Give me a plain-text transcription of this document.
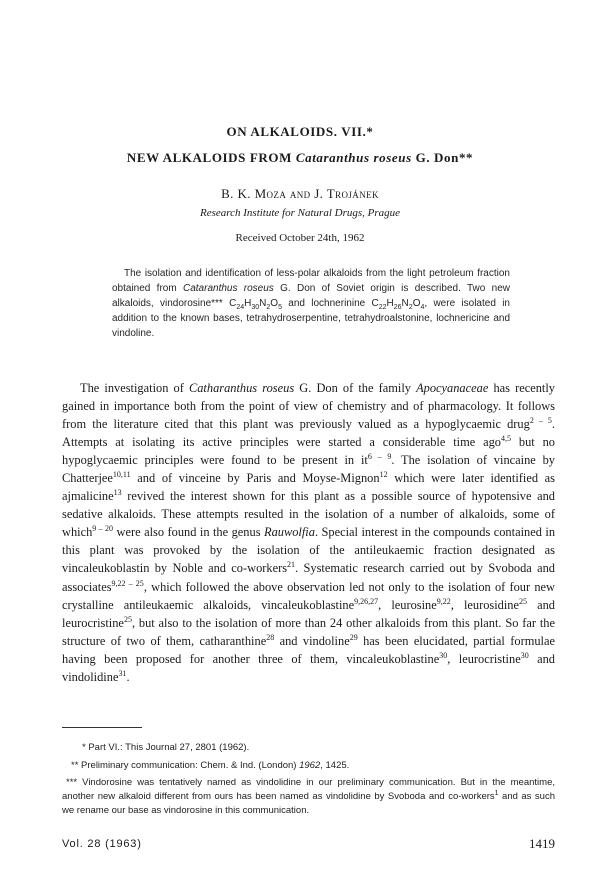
ON ALKALOIDS. VII.*
NEW ALKALOIDS FROM Cataranthus roseus G. Don**
B. K. Moza and J. Trojánek
Research Institute for Natural Drugs, Prague
Received October 24th, 1962
The isolation and identification of less-polar alkaloids from the light petroleum fraction obtained from Cataranthus roseus G. Don of Soviet origin is described. Two new alkaloids, vindorosine*** $C_{24}H_{30}N_2O_5$ and lochnerinine $C_{22}H_{26}N_2O_4$, were isolated in addition to the known bases, tetrahydroserpentine, tetrahydroalstonine, lochnericine and vindoline.
The investigation of Catharanthus roseus G. Don of the family Apocyanaceae has recently gained in importance both from the point of view of chemistry and of pharmacology. It follows from the literature cited that this plant was previously valued as a hypoglycaemic drug$^{2 - 5}$. Attempts at isolating its active principles were started a considerable time ago$^{4,5}$ but no hypoglycaemic principles were found to be present in $it^{6 - 9}$. The isolation of vincaine by Chatterjee$^{10,11}$ and of vinceine by Paris and Moyse-Mignon$^{12}$ which were later identified as ajmalicine$^{13}$ revived the interest shown for this plant as a possible source of hypotensive and sedative alkaloids. These attempts resulted in the isolation of a number of alkaloids, some of which$^{9 - 20}$ were also found in the genus Rauwolfia. Special interest in the compounds contained in this plant was provoked by the isolation of the antileukaemic fraction designated as vincaleukoblastin by Noble and co-workers$^{21}$. Systematic research carried out by Svoboda and associates$^{9,22 - 25}$, which followed the above observation led not only to the isolation of four new crystalline antileukaemic alkaloids, vincaleukoblastine$^{9,26,27}$, leurosine$^{9,22}$, leurosidine$^{25}$ and leurocristine$^{25}$, but also to the isolation of more than 24 other alkaloids from this plant. So far the structure of two of them, catharanthine$^{28}$ and vindoline$^{29}$ has been elucidated, partial formulae having been proposed for another three of them, vincaleukoblastine$^{30}$, leurocristine$^{30}$ and vindolidine$^{31}$.
* Part VI.: This Journal 27, 2801 (1962).
** Preliminary communication: Chem. & Ind. (London) 1962, 1425.
*** Vindorosine was tentatively named as vindolidine in our preliminary communication. But in the meantime, another new alkaloid different from ours has been named as vindolidine by Svoboda and co-workers$^1$ and as such we rename our base as vindorosine in this communication.
Vol. 28 (1963)	1419
